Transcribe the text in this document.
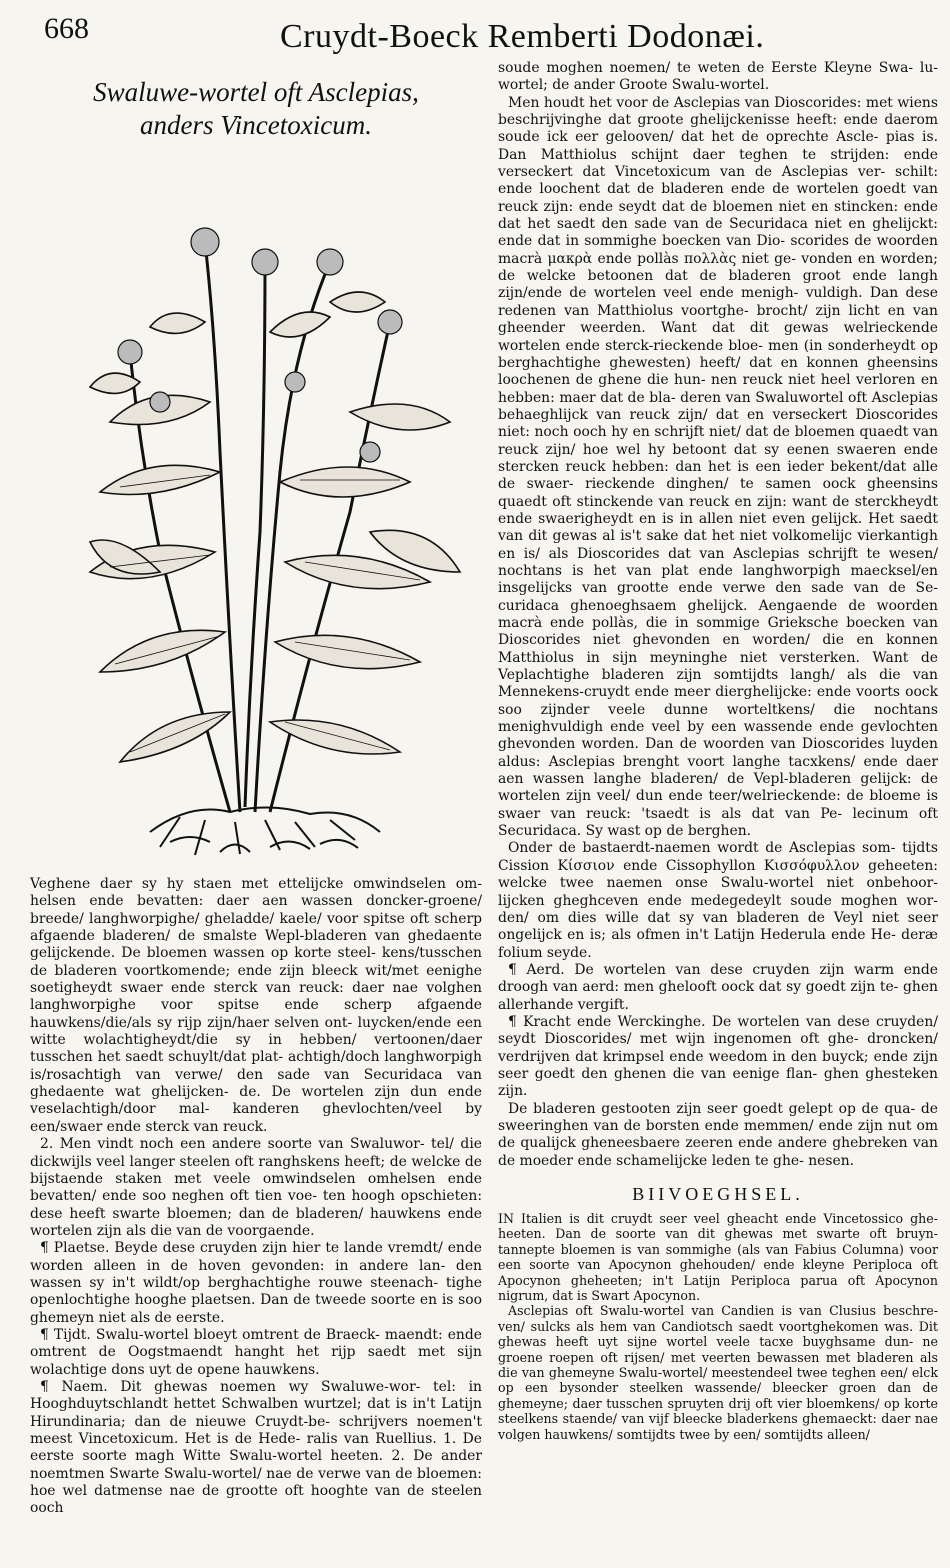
668	Cruydt-Boeck Remberti Dodonæi.
Swaluwe-wortel oft Asclepias,
anders Vincetoxicum.

Veghene daer sy hy staen met ettelijcke omwindselen om- helsen ende bevatten: daer aen wassen doncker-groene/ breede/ langhworpighe/ gheladde/ kaele/ voor spitse oft scherp afgaende bladeren/ de smalste Wepl-bladeren van ghedaente gelijckende. De bloemen wassen op korte steel- kens/tusschen de bladeren voortkomende; ende zijn bleeck wit/met eenighe soetigheydt swaer ende sterck van reuck: daer nae volghen langhworpighe voor spitse ende scherp afgaende hauwkens/die/als sy rijp zijn/haer selven ont- luycken/ende een witte wolachtigheydt/die sy in hebben/ vertoonen/daer tusschen het saedt schuylt/dat plat- achtigh/doch langhworpigh is/rosachtigh van verwe/ den sade van Securidaca van ghedaente wat ghelijcken- de. De wortelen zijn dun ende veselachtigh/door mal- kanderen ghevlochten/veel by een/swaer ende sterck van reuck.

2. Men vindt noch een andere soorte van Swaluwor- tel/ die dickwijls veel langer steelen oft ranghskens heeft; de welcke de bijstaende staken met veele omwindselen omhelsen ende bevatten/ ende soo neghen oft tien voe- ten hoogh opschieten: dese heeft swarte bloemen; dan de bladeren/ hauwkens ende wortelen zijn als die van de voorgaende.

¶ Plaetse. Beyde dese cruyden zijn hier te lande vremdt/ ende worden alleen in de hoven gevonden: in andere lan- den wassen sy in't wildt/op berghachtighe rouwe steenach- tighe openlochtighe hooghe plaetsen. Dan de tweede soorte en is soo ghemeyn niet als de eerste.

¶ Tijdt. Swalu-wortel bloeyt omtrent de Braeck- maendt: ende omtrent de Oogstmaendt hanght het rijp saedt met sijn wolachtige dons uyt de opene hauwkens.

¶ Naem. Dit ghewas noemen wy Swaluwe-wor- tel: in Hooghduytschlandt hettet Schwalben wurtzel; dat is in't Latijn Hirundinaria; dan de nieuwe Cruydt-be- schrijvers noemen't meest Vincetoxicum. Het is de Hede- ralis van Ruellius. 1. De eerste soorte magh Witte Swalu-wortel heeten. 2. De ander noemtmen Swarte Swalu-wortel/ nae de verwe van de bloemen: hoe wel datmense nae de grootte oft hooghte van de steelen ooch

soude moghen noemen/ te weten de Eerste Kleyne Swa- lu-wortel; de ander Groote Swalu-wortel.

Men houdt het voor de Asclepias van Dioscorides: met wiens beschrijvinghe dat groote ghelijckenisse heeft: ende daerom soude ick eer gelooven/ dat het de oprechte Ascle- pias is. Dan Matthiolus schijnt daer teghen te strijden: ende verseckert dat Vincetoxicum van de Asclepias ver- schilt: ende loochent dat de bladeren ende de wortelen goedt van reuck zijn: ende seydt dat de bloemen niet en stincken: ende dat het saedt den sade van de Securidaca niet en ghelijckt: ende dat in sommighe boecken van Dio- scorides de woorden macrà μακρὰ ende pollàs πολλὰς niet ge- vonden en worden; de welcke betoonen dat de bladeren groot ende langh zijn/ende de wortelen veel ende menigh- vuldigh. Dan dese redenen van Matthiolus voortghe- brocht/ zijn licht en van gheender weerden. Want dat dit gewas welrieckende wortelen ende sterck-rieckende bloe- men (in sonderheydt op berghachtighe ghewesten) heeft/ dat en konnen gheensins loochenen de ghene die hun- nen reuck niet heel verloren en hebben: maer dat de bla- deren van Swaluwortel oft Asclepias behaeghlijck van reuck zijn/ dat en verseckert Dioscorides niet: noch ooch hy en schrijft niet/ dat de bloemen quaedt van reuck zijn/ hoe wel hy betoont dat sy eenen swaeren ende stercken reuck hebben: dan het is een ieder bekent/dat alle de swaer- rieckende dinghen/ te samen oock gheensins quaedt oft stinckende van reuck en zijn: want de sterckheydt ende swaerigheydt en is in allen niet even gelijck. Het saedt van dit gewas al is't sake dat het niet volkomelijc vierkantigh en is/ als Dioscorides dat van Asclepias schrijft te wesen/ nochtans is het van plat ende langhworpigh maecksel/en insgelijcks van grootte ende verwe den sade van de Se- curidaca ghenoeghsaem ghelijck. Aengaende de woorden macrà ende pollàs, die in sommige Grieksche boecken van Dioscorides niet ghevonden en worden/ die en konnen Matthiolus in sijn meyninghe niet versterken. Want de Veplachtighe bladeren zijn somtijdts langh/ als die van Mennekens-cruydt ende meer dierghelijcke: ende voorts oock soo zijnder veele dunne worteltkens/ die nochtans menighvuldigh ende veel by een wassende ende gevlochten ghevonden worden. Dan de woorden van Dioscorides luyden aldus: Asclepias brenght voort langhe tacxkens/ ende daer aen wassen langhe bladeren/ de Vepl-bladeren gelijck: de wortelen zijn veel/ dun ende teer/welrieckende: de bloeme is swaer van reuck: 'tsaedt is als dat van Pe- lecinum oft Securidaca. Sy wast op de berghen.

Onder de bastaerdt-naemen wordt de Asclepias som- tijdts Cission Κίσσιον ende Cissophyllon Κισσόφυλλον geheeten: welcke twee naemen onse Swalu-wortel niet onbehoor- lijcken gheghceven ende medegedeylt soude moghen wor- den/ om dies wille dat sy van bladeren de Veyl niet seer ongelijck en is; als ofmen in't Latijn Hederula ende He- deræ folium seyde.

¶ Aerd. De wortelen van dese cruyden zijn warm ende droogh van aerd: men ghelooft oock dat sy goedt zijn te- ghen allerhande vergift.

¶ Kracht ende Werckinghe. De wortelen van dese cruyden/ seydt Dioscorides/ met wijn ingenomen oft ghe- droncken/ verdrijven dat krimpsel ende weedom in den buyck; ende zijn seer goedt den ghenen die van eenige flan- ghen ghesteken zijn.

De bladeren gestooten zijn seer goedt gelept op de qua- de sweeringhen van de borsten ende memmen/ ende zijn nut om de qualijck gheneesbaere zeeren ende andere ghebreken van de moeder ende schamelijcke leden te ghe- nesen.

BIIVOEGHSEL.

IN Italien is dit cruydt seer veel gheacht ende Vincetossico ghe- heeten. Dan de soorte van dit ghewas met swarte oft bruyn- tannepte bloemen is van sommighe (als van Fabius Columna) voor een soorte van Apocynon ghehouden/ ende kleyne Periploca oft Apocynon gheheeten; in't Latijn Periploca parua oft Apocynon nigrum, dat is Swart Apocynon.

Asclepias oft Swalu-wortel van Candien is van Clusius beschre- ven/ sulcks als hem van Candiotsch saedt voortghekomen was. Dit ghewas heeft uyt sijne wortel veele tacxe buyghsame dun- ne groene roepen oft rijsen/ met veerten bewassen met bladeren als die van ghemeyne Swalu-wortel/ meestendeel twee teghen een/ elck op een bysonder steelken wassende/ bleecker groen dan de ghemeyne; daer tusschen spruyten drij oft vier bloemkens/ op korte steelkens staende/ van vijf bleecke bladerkens ghemaeckt: daer nae volgen hauwkens/ somtijdts twee by een/ somtijdts alleen/
